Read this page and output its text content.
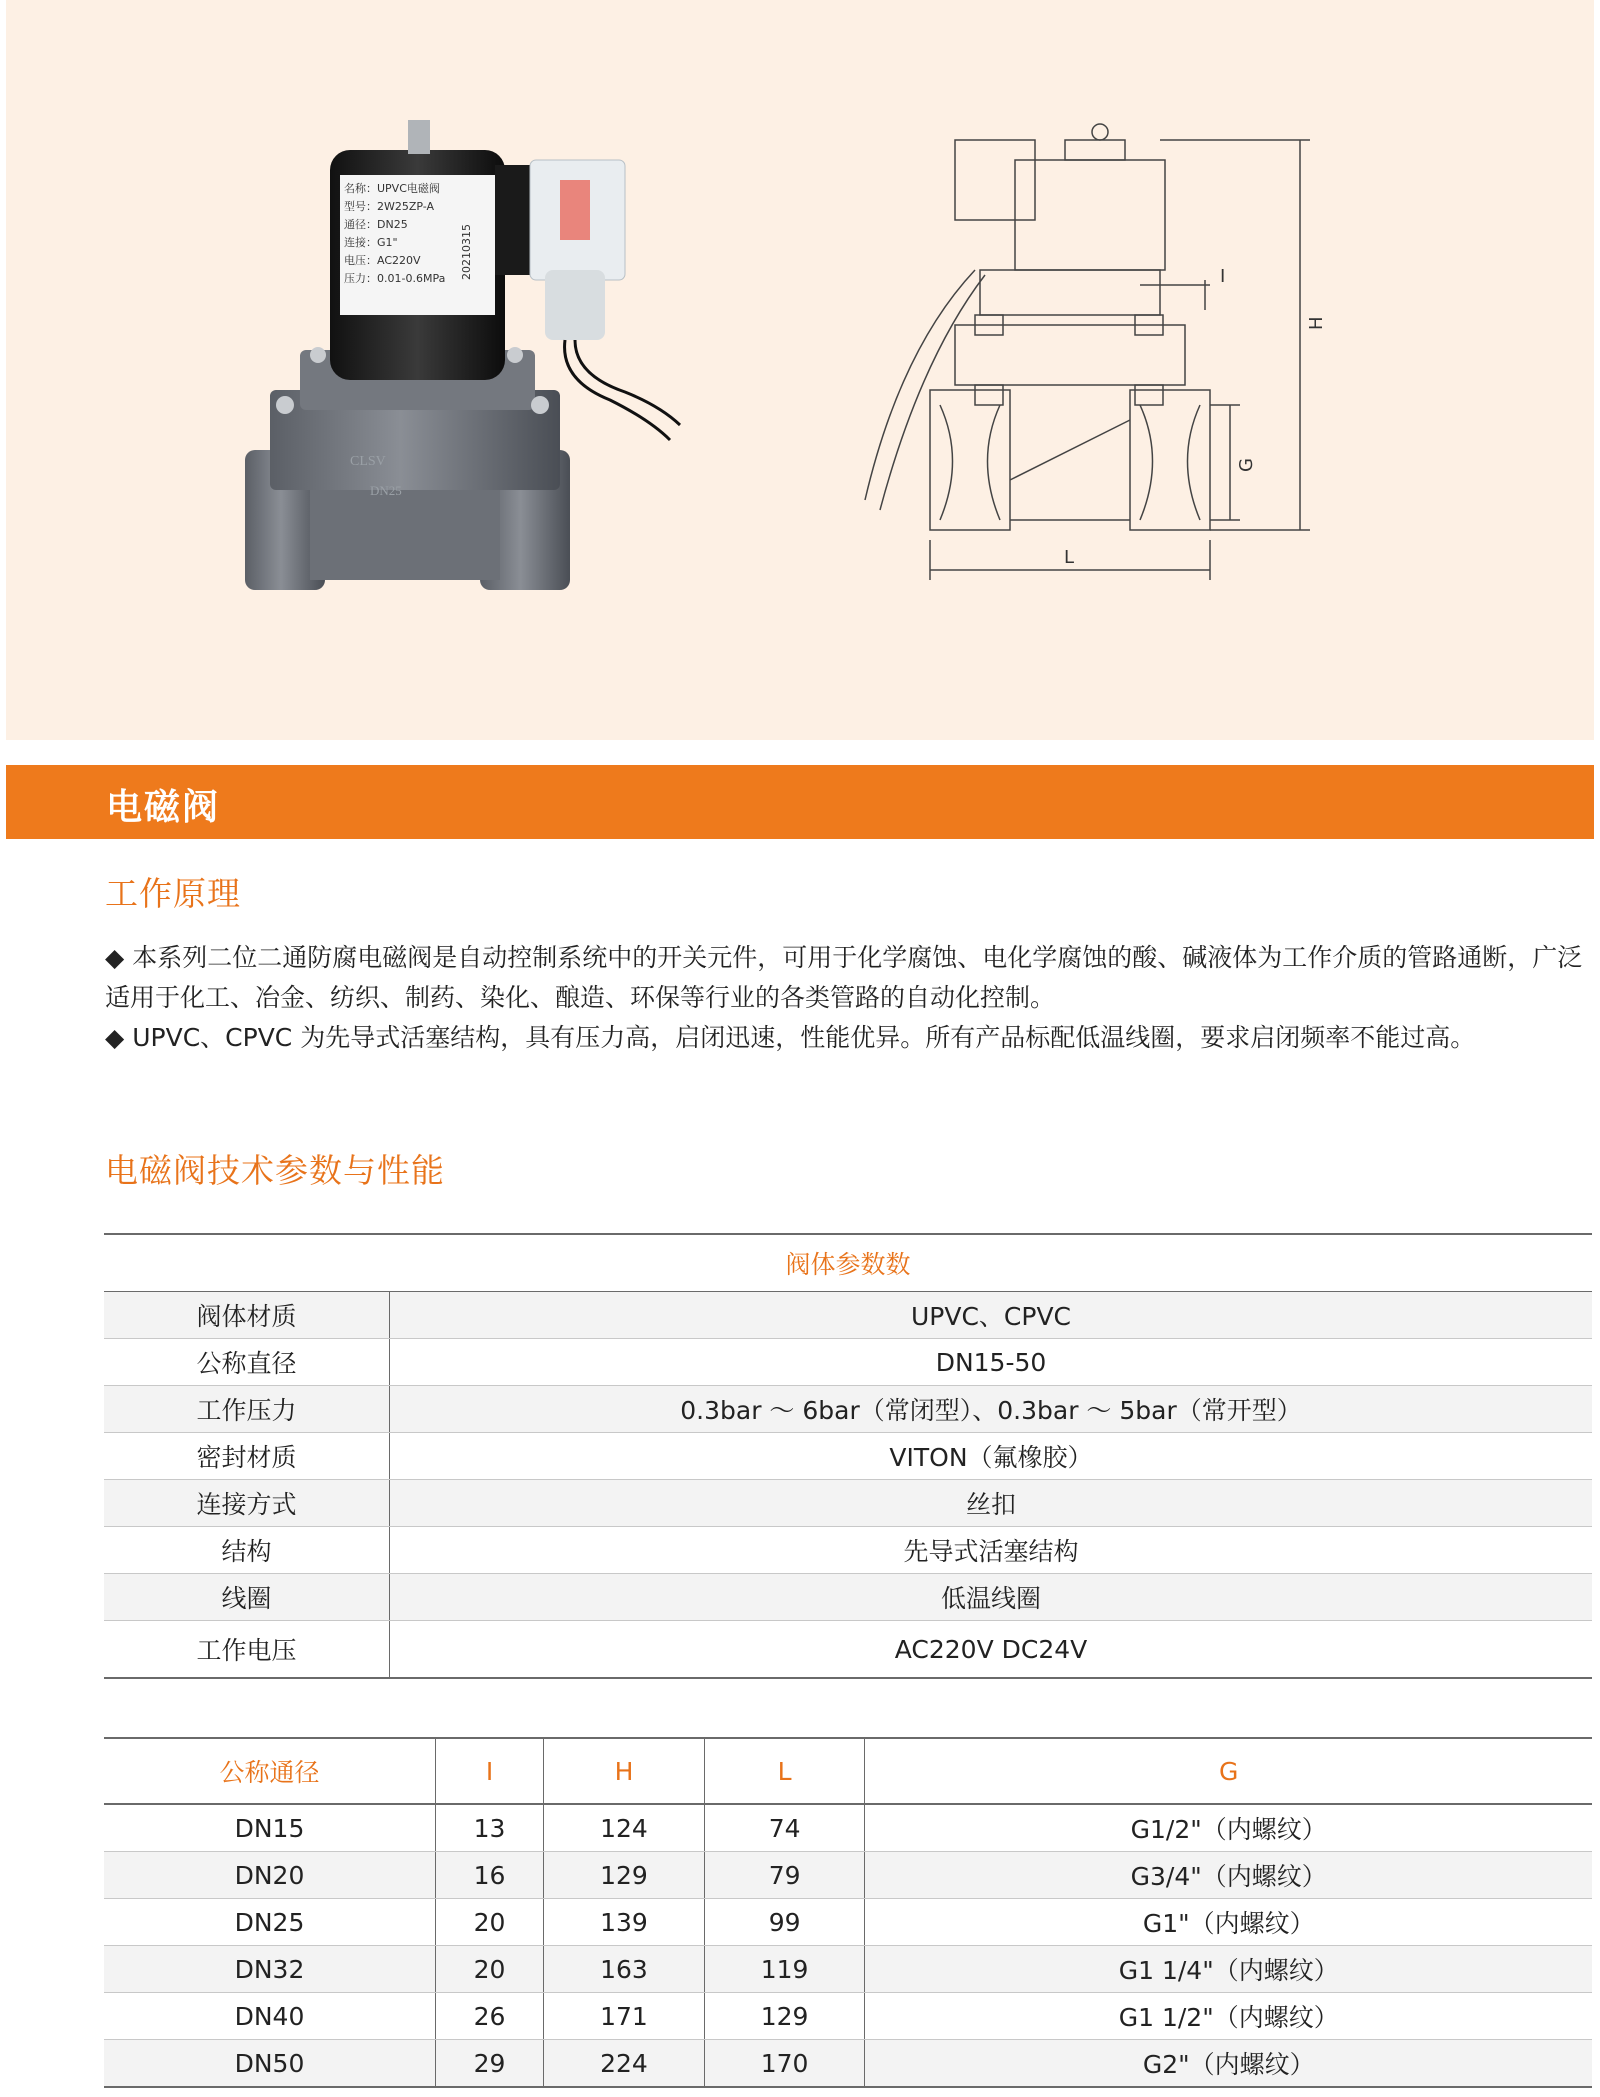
CLSV
DN25
名称：UPVC电磁阀
型号：2W25ZP-A
通径：DN25
连接：G1"
电压：AC220V
压力：0.01-0.6MPa 20210315
H
G
L
I
电磁阀
工作原理

◆ 本系列二位二通防腐电磁阀是自动控制系统中的开关元件，可用于化学腐蚀、电化学腐蚀的酸、碱液体为工作介质的管路通断，广泛适用于化工、冶金、纺织、制药、染化、酿造、环保等行业的各类管路的自动化控制。

◆ UPVC、CPVC 为先导式活塞结构，具有压力高，启闭迅速，性能优异。所有产品标配低温线圈，要求启闭频率不能过高。

电磁阀技术参数与性能
阀体参数数	
阀体材质	UPVC、CPVC
公称直径	DN15-50
工作压力	0.3bar ～ 6bar（常闭型）、0.3bar ～ 5bar（常开型）
密封材质	VITON（氟橡胶）
连接方式	丝扣
结构	先导式活塞结构
线圈	低温线圈
工作电压	AC220V DC24V
公称通径	I	H	L	G
DN15	13	124	74	G1/2"（内螺纹）
DN20	16	129	79	G3/4"（内螺纹）
DN25	20	139	99	G1"（内螺纹）
DN32	20	163	119	G1 1/4"（内螺纹）
DN40	26	171	129	G1 1/2"（内螺纹）
DN50	29	224	170	G2"（内螺纹）
